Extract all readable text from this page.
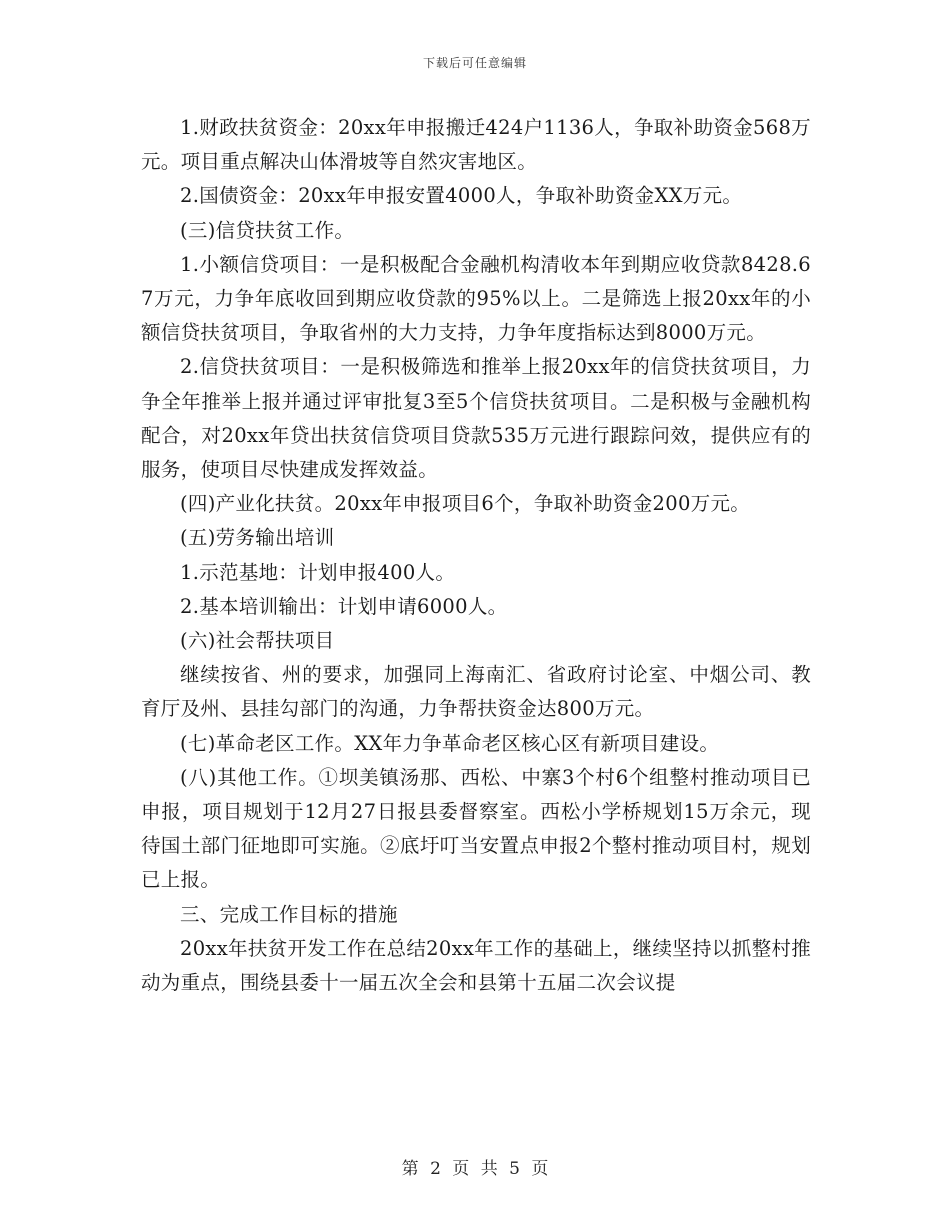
下载后可任意编辑

1.财政扶贫资金：20xx年申报搬迁424户1136人，争取补助资金568万元。项目重点解决山体滑坡等自然灾害地区。

2.国债资金：20xx年申报安置4000人，争取补助资金XX万元。

(三)信贷扶贫工作。

1.小额信贷项目：一是积极配合金融机构清收本年到期应收贷款8428.67万元，力争年底收回到期应收贷款的95%以上。二是筛选上报20xx年的小额信贷扶贫项目，争取省州的大力支持，力争年度指标达到8000万元。

2.信贷扶贫项目：一是积极筛选和推举上报20xx年的信贷扶贫项目，力争全年推举上报并通过评审批复3至5个信贷扶贫项目。二是积极与金融机构配合，对20xx年贷出扶贫信贷项目贷款535万元进行跟踪问效，提供应有的服务，使项目尽快建成发挥效益。

(四)产业化扶贫。20xx年申报项目6个，争取补助资金200万元。

(五)劳务输出培训

1.示范基地：计划申报400人。

2.基本培训输出：计划申请6000人。

(六)社会帮扶项目

继续按省、州的要求，加强同上海南汇、省政府讨论室、中烟公司、教育厅及州、县挂勾部门的沟通，力争帮扶资金达800万元。

(七)革命老区工作。XX年力争革命老区核心区有新项目建设。

(八)其他工作。①坝美镇汤那、西松、中寨3个村6个组整村推动项目已申报，项目规划于12月27日报县委督察室。西松小学桥规划15万余元，现待国土部门征地即可实施。②底圩叮当安置点申报2个整村推动项目村，规划已上报。

三、完成工作目标的措施

20xx年扶贫开发工作在总结20xx年工作的基础上，继续坚持以抓整村推动为重点，围绕县委十一届五次全会和县第十五届二次会议提

第 2 页 共 5 页
